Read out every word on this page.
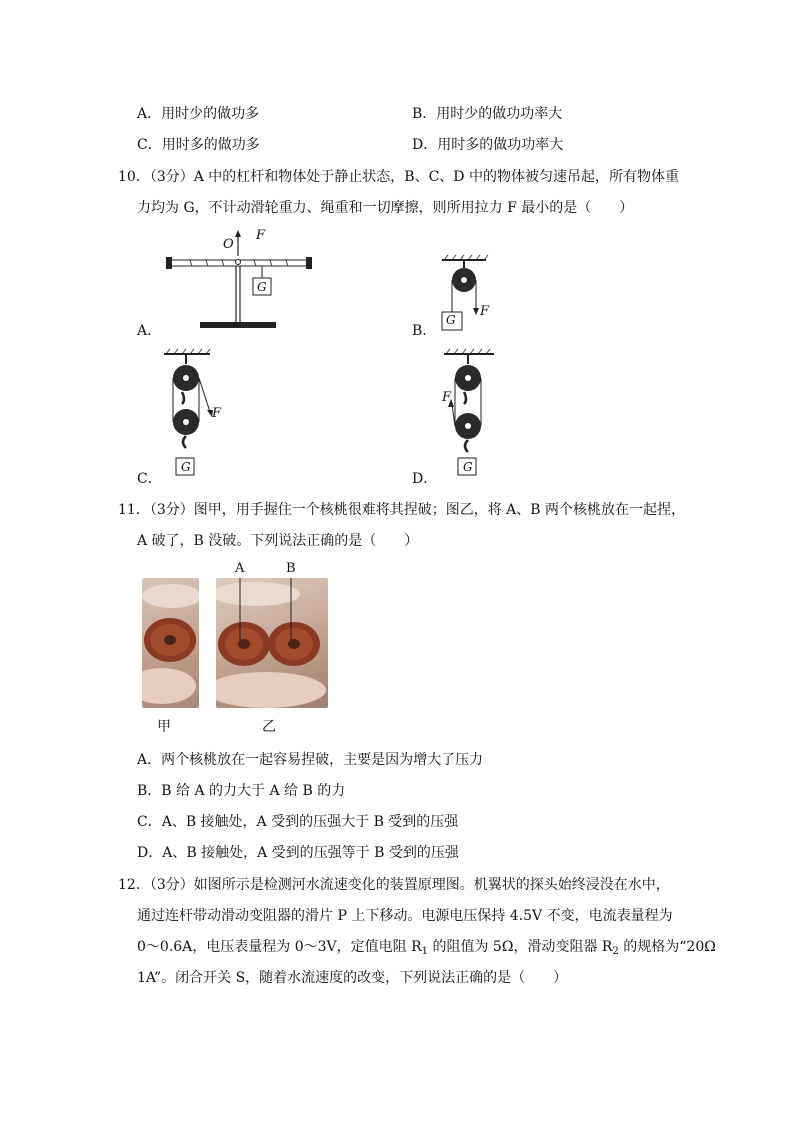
A．用时少的做功多	B．用时少的做功功率大
C．用时多的做功多	D．用时多的做功功率大
10．（3分）A 中的杠杆和物体处于静止状态，B、C、D 中的物体被匀速吊起，所有物体重
力均为 G，不计动滑轮重力、绳重和一切摩擦，则所用拉力 F 最小的是（　　）
O
F
G
A．
G
F
B．
F
G
C．
F
G
D．
11．（3分）图甲，用手握住一个核桃很难将其捏破；图乙，将 A、B 两个核桃放在一起捏，
A 破了，B 没破。下列说法正确的是（　　）
A	B
甲	乙
A．两个核桃放在一起容易捏破，主要是因为增大了压力
B．B 给 A 的力大于 A 给 B 的力
C．A、B 接触处，A 受到的压强大于 B 受到的压强
D．A、B 接触处，A 受到的压强等于 B 受到的压强
12．（3分）如图所示是检测河水流速变化的装置原理图。机翼状的探头始终浸没在水中，
通过连杆带动滑动变阻器的滑片 P 上下移动。电源电压保持 4.5V 不变，电流表量程为
0～0.6A，电压表量程为 0～3V，定值电阻 $R_1$ 的阻值为 5Ω，滑动变阻器 $R_2$ 的规格为“20Ω
1A”。闭合开关 S，随着水流速度的改变，下列说法正确的是（　　）
